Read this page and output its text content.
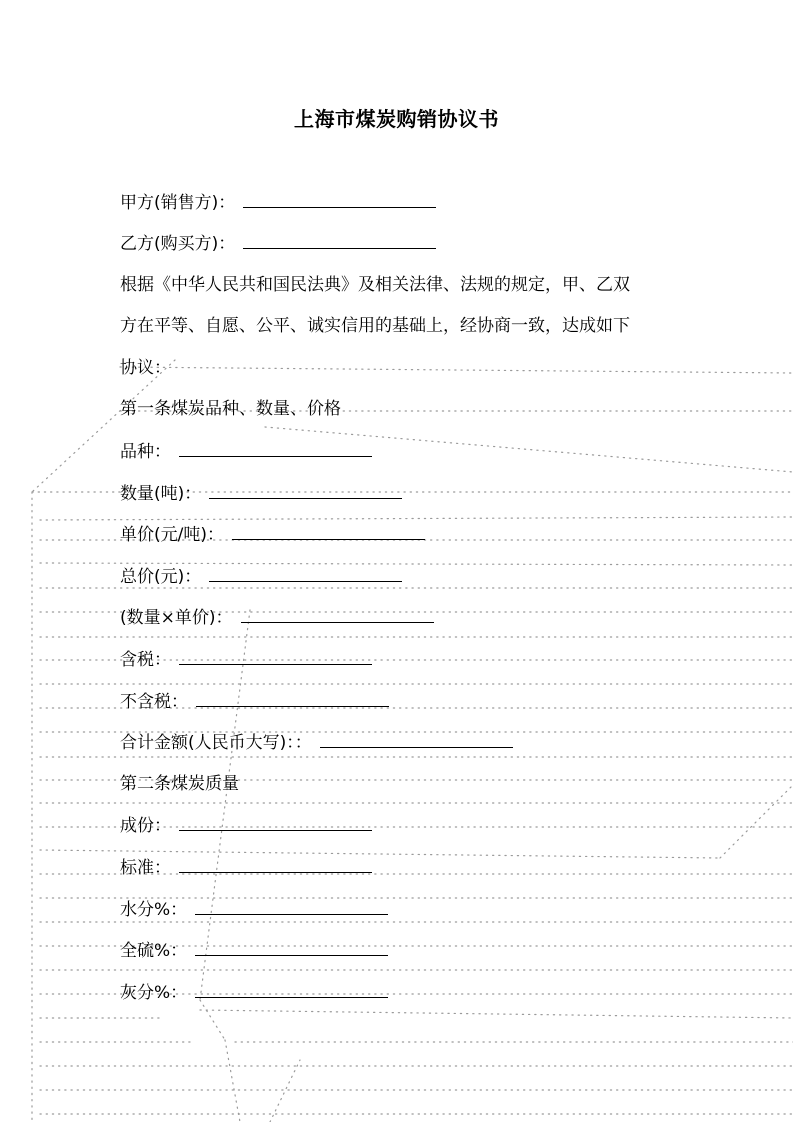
上海市煤炭购销协议书
甲方(销售方)：
乙方(购买方)：
根据《中华人民共和国民法典》及相关法律、法规的规定，甲、乙双
方在平等、自愿、公平、诚实信用的基础上，经协商一致，达成如下
协议：
第一条煤炭品种、数量、价格
品种：
数量(吨)：
单价(元/吨)：
总价(元)：
(数量×单价)：
含税：
不含税：
合计金额(人民币大写)：：
第二条煤炭质量
成份：
标准：
水分%：
全硫%：
灰分%：
